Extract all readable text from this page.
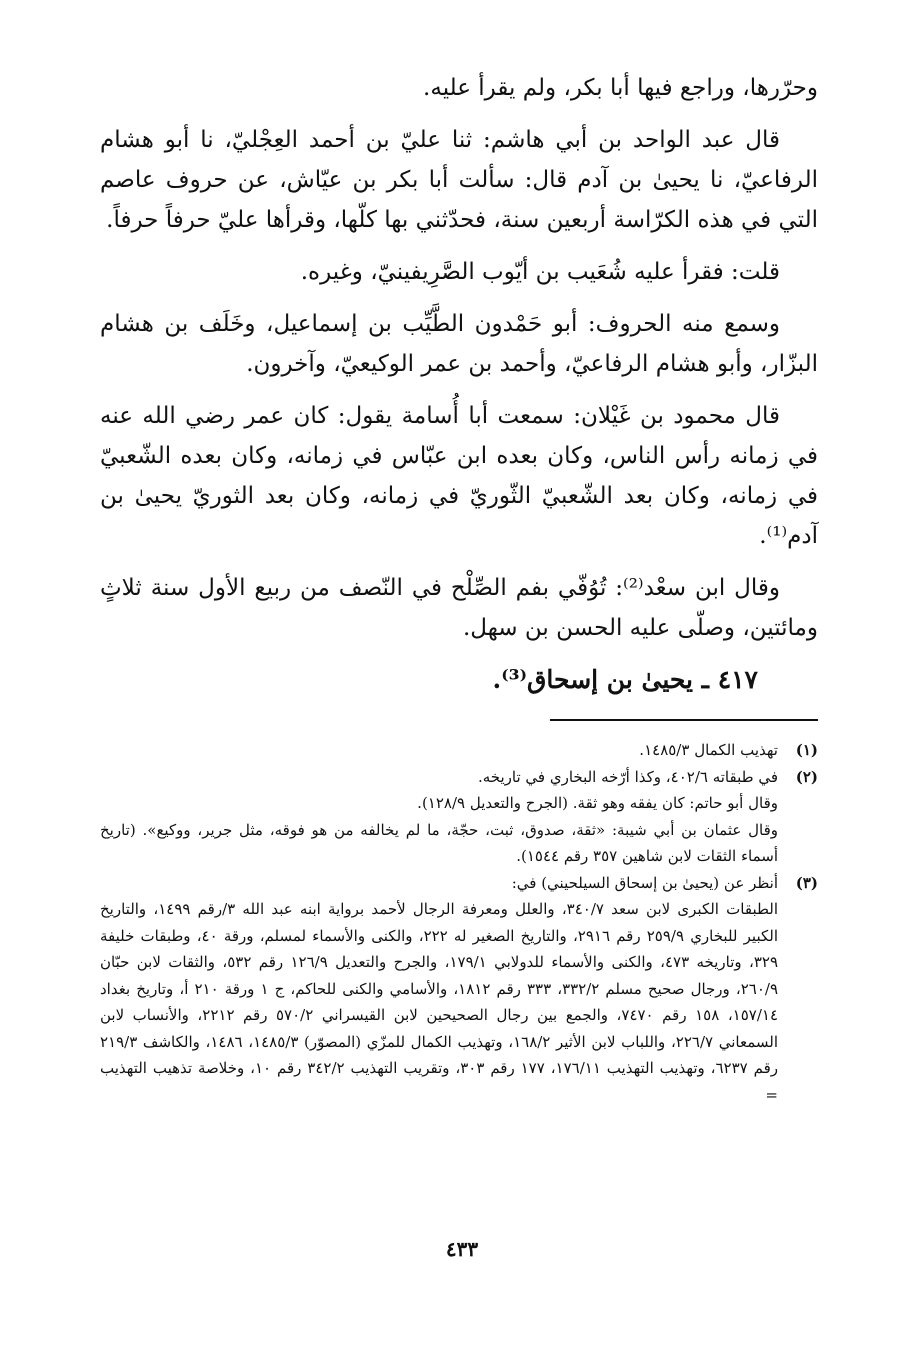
وحرّرها، وراجع فيها أبا بكر، ولم يقرأ عليه.

قال عبد الواحد بن أبي هاشم: ثنا عليّ بن أحمد العِجْليّ، نا أبو هشام الرفاعيّ، نا يحيىٰ بن آدم قال: سألت أبا بكر بن عيّاش، عن حروف عاصم التي في هذه الكرّاسة أربعين سنة، فحدّثني بها كلّها، وقرأها عليّ حرفاً حرفاً.

قلت: فقرأ عليه شُعَيب بن أيّوب الصَّرِيفينيّ، وغيره.

وسمع منه الحروف: أبو حَمْدون الطَّيِّب بن إسماعيل، وخَلَف بن هشام البزّار، وأبو هشام الرفاعيّ، وأحمد بن عمر الوكيعيّ، وآخرون.

قال محمود بن غَيْلان: سمعت أبا أُسامة يقول: كان عمر رضي الله عنه في زمانه رأس الناس، وكان بعده ابن عبّاس في زمانه، وكان بعده الشّعبيّ في زمانه، وكان بعد الشّعبيّ الثّوريّ في زمانه، وكان بعد الثوريّ يحيىٰ بن آدم⁽¹⁾.

وقال ابن سعْد⁽²⁾: تُوُفّي بفم الصِّلْح في النّصف من ربيع الأول سنة ثلاثٍ ومائتين، وصلّى عليه الحسن بن سهل.

٤١٧ ـ يحيىٰ بن إسحاق⁽³⁾.

(١)

تهذيب الكمال ١٤٨٥/٣.

(٢)

في طبقاته ٤٠٢/٦، وكذا أرّخه البخاري في تاريخه.

وقال أبو حاتم: كان يفقه وهو ثقة. (الجرح والتعديل ١٢٨/٩).

وقال عثمان بن أبي شيبة: «ثقة، صدوق، ثبت، حجّة، ما لم يخالفه من هو فوقه، مثل جرير، ووكيع». (تاريخ أسماء الثقات لابن شاهين ٣٥٧ رقم ١٥٤٤).

(٣)

أنظر عن (يحيىٰ بن إسحاق السيلحيني) في:

الطبقات الكبرى لابن سعد ٣٤٠/٧، والعلل ومعرفة الرجال لأحمد برواية ابنه عبد الله ٣/رقم ١٤٩٩، والتاريخ الكبير للبخاري ٢٥٩/٩ رقم ٢٩١٦، والتاريخ الصغير له ٢٢٢، والكنى والأسماء لمسلم، ورقة ٤٠، وطبقات خليفة ٣٢٩، وتاريخه ٤٧٣، والكنى والأسماء للدولابي ١٧٩/١، والجرح والتعديل ١٢٦/٩ رقم ٥٣٢، والثقات لابن حبّان ٢٦٠/٩، ورجال صحيح مسلم ٣٣٢/٢، ٣٣٣ رقم ١٨١٢، والأسامي والكنى للحاكم، ج ١ ورقة ٢١٠ أ، وتاريخ بغداد ١٥٧/١٤، ١٥٨ رقم ٧٤٧٠، والجمع بين رجال الصحيحين لابن القيسراني ٥٧٠/٢ رقم ٢٢١٢، والأنساب لابن السمعاني ٢٢٦/٧، واللباب لابن الأثير ١٦٨/٢، وتهذيب الكمال للمزّي (المصوّر) ١٤٨٥/٣، ١٤٨٦، والكاشف ٢١٩/٣ رقم ٦٢٣٧، وتهذيب التهذيب ١٧٦/١١، ١٧٧ رقم ٣٠٣، وتقريب التهذيب ٣٤٢/٢ رقم ١٠، وخلاصة تذهيب التهذيب =

٤٣٣
